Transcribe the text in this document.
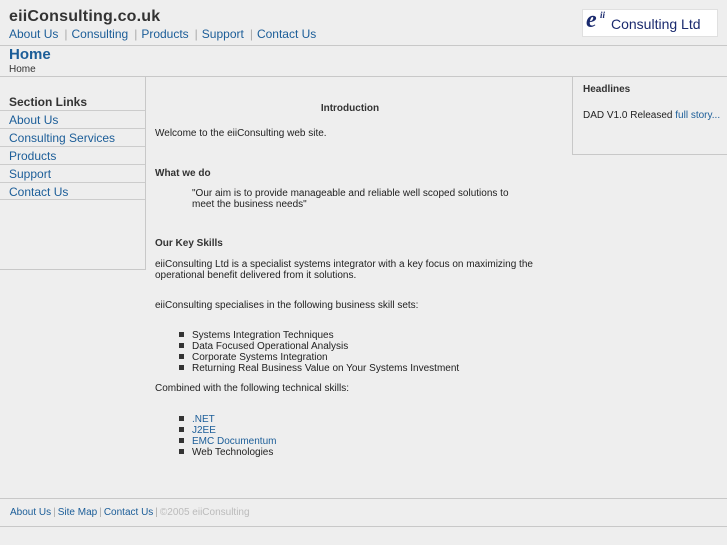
eiiConsulting.co.uk
About Us | Consulting | Products | Support | Contact Us
e ii
Consulting Ltd
Home
Home
Section Links
About Us
Consulting Services
Products
Support
Contact Us
Introduction
Welcome to the eiiConsulting web site.
What we do
"Our aim is to provide manageable and reliable well scoped solutions to meet the business needs"
Our Key Skills
eiiConsulting Ltd is a specialist systems integrator with a key focus on maximizing the operational benefit delivered from it solutions.
eiiConsulting specialises in the following business skill sets:
Systems Integration Techniques
Data Focused Operational Analysis
Corporate Systems Integration
Returning Real Business Value on Your Systems Investment
Combined with the following technical skills:
.NET
J2EE
EMC Documentum
Web Technologies
Headlines
DAD V1.0 Released full story...
About Us | Site Map | Contact Us | ©2005 eiiConsulting
